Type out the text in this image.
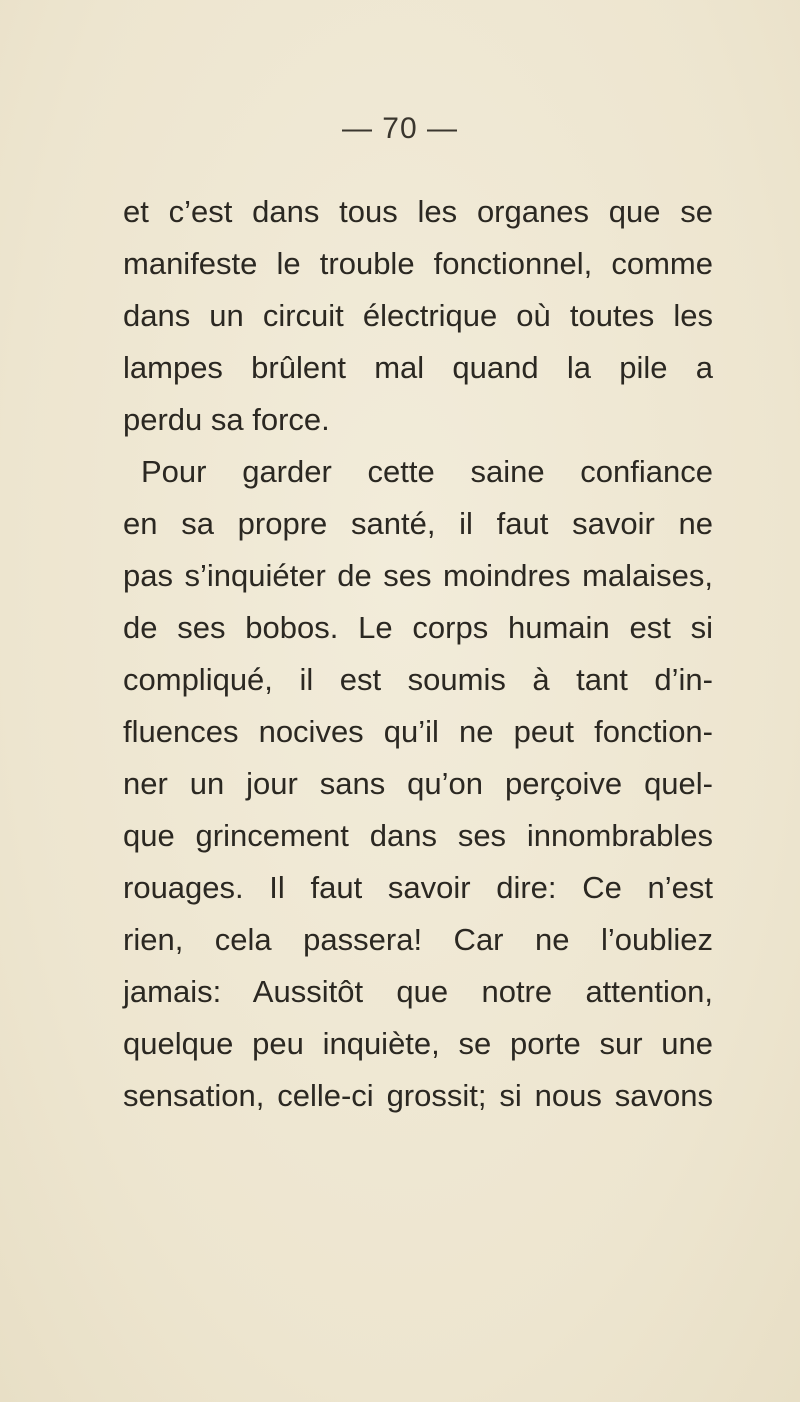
— 70 —
et c’est dans tous les organes que se
manifeste le trouble fonctionnel, comme
dans un circuit électrique où toutes les
lampes brûlent mal quand la pile a
perdu sa force.
Pour garder cette saine confiance
en sa propre santé, il faut savoir ne
pas s’inquiéter de ses moindres malaises,
de ses bobos. Le corps humain est si
compliqué, il est soumis à tant d’in-
fluences nocives qu’il ne peut fonction-
ner un jour sans qu’on perçoive quel-
que grincement dans ses innombrables
rouages. Il faut savoir dire: Ce n’est
rien, cela passera! Car ne l’oubliez
jamais: Aussitôt que notre attention,
quelque peu inquiète, se porte sur une
sensation, celle-ci grossit; si nous savons
